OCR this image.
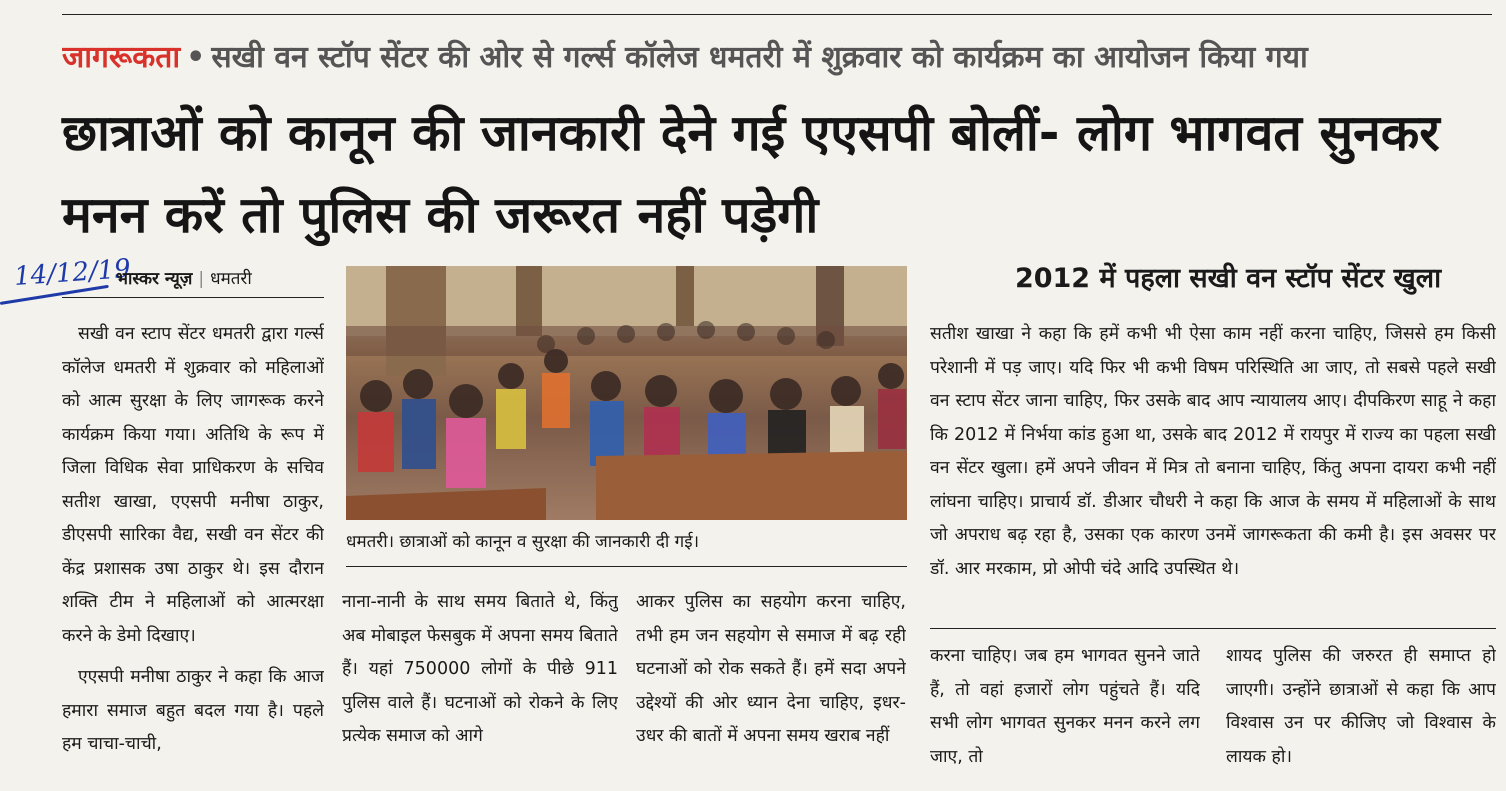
जागरूकता • सखी वन स्टॉप सेंटर की ओर से गर्ल्स कॉलेज धमतरी में शुक्रवार को कार्यक्रम का आयोजन किया गया
छात्राओं को कानून की जानकारी देने गई एएसपी बोलीं- लोग भागवत सुनकर मनन करें तो पुलिस की जरूरत नहीं पड़ेगी
14/12/19
भास्कर न्यूज़ | धमतरी

सखी वन स्टाप सेंटर धमतरी द्वारा गर्ल्स कॉलेज धमतरी में शुक्रवार को महिलाओं को आत्म सुरक्षा के लिए जागरूक करने कार्यक्रम किया गया। अतिथि के रूप में जिला विधिक सेवा प्राधिकरण के सचिव सतीश खाखा, एएसपी मनीषा ठाकुर, डीएसपी सारिका वैद्य, सखी वन सेंटर की केंद्र प्रशासक उषा ठाकुर थे। इस दौरान शक्ति टीम ने महिलाओं को आत्मरक्षा करने के डेमो दिखाए।

एएसपी मनीषा ठाकुर ने कहा कि आज हमारा समाज बहुत बदल गया है। पहले हम चाचा-चाची,

धमतरी। छात्राओं को कानून व सुरक्षा की जानकारी दी गई।
नाना-नानी के साथ समय बिताते थे, किंतु अब मोबाइल फेसबुक में अपना समय बिताते हैं। यहां 750000 लोगों के पीछे 911 पुलिस वाले हैं। घटनाओं को रोकने के लिए प्रत्येक समाज को आगे
आकर पुलिस का सहयोग करना चाहिए, तभी हम जन सहयोग से समाज में बढ़ रही घटनाओं को रोक सकते हैं। हमें सदा अपने उद्देश्यों की ओर ध्यान देना चाहिए, इधर-उधर की बातों में अपना समय खराब नहीं
2012 में पहला सखी वन स्टॉप सेंटर खुला
सतीश खाखा ने कहा कि हमें कभी भी ऐसा काम नहीं करना चाहिए, जिससे हम किसी परेशानी में पड़ जाए। यदि फिर भी कभी विषम परिस्थिति आ जाए, तो सबसे पहले सखी वन स्टाप सेंटर जाना चाहिए, फिर उसके बाद आप न्यायालय आए। दीपकिरण साहू ने कहा कि 2012 में निर्भया कांड हुआ था, उसके बाद 2012 में रायपुर में राज्य का पहला सखी वन सेंटर खुला। हमें अपने जीवन में मित्र तो बनाना चाहिए, किंतु अपना दायरा कभी नहीं लांघना चाहिए। प्राचार्य डॉ. डीआर चौधरी ने कहा कि आज के समय में महिलाओं के साथ जो अपराध बढ़ रहा है, उसका एक कारण उनमें जागरूकता की कमी है। इस अवसर पर डॉ. आर मरकाम, प्रो ओपी चंदे आदि उपस्थित थे।
करना चाहिए। जब हम भागवत सुनने जाते हैं, तो वहां हजारों लोग पहुंचते हैं। यदि सभी लोग भागवत सुनकर मनन करने लग जाए, तो
शायद पुलिस की जरुरत ही समाप्त हो जाएगी। उन्होंने छात्राओं से कहा कि आप विश्वास उन पर कीजिए जो विश्वास के लायक हो।
